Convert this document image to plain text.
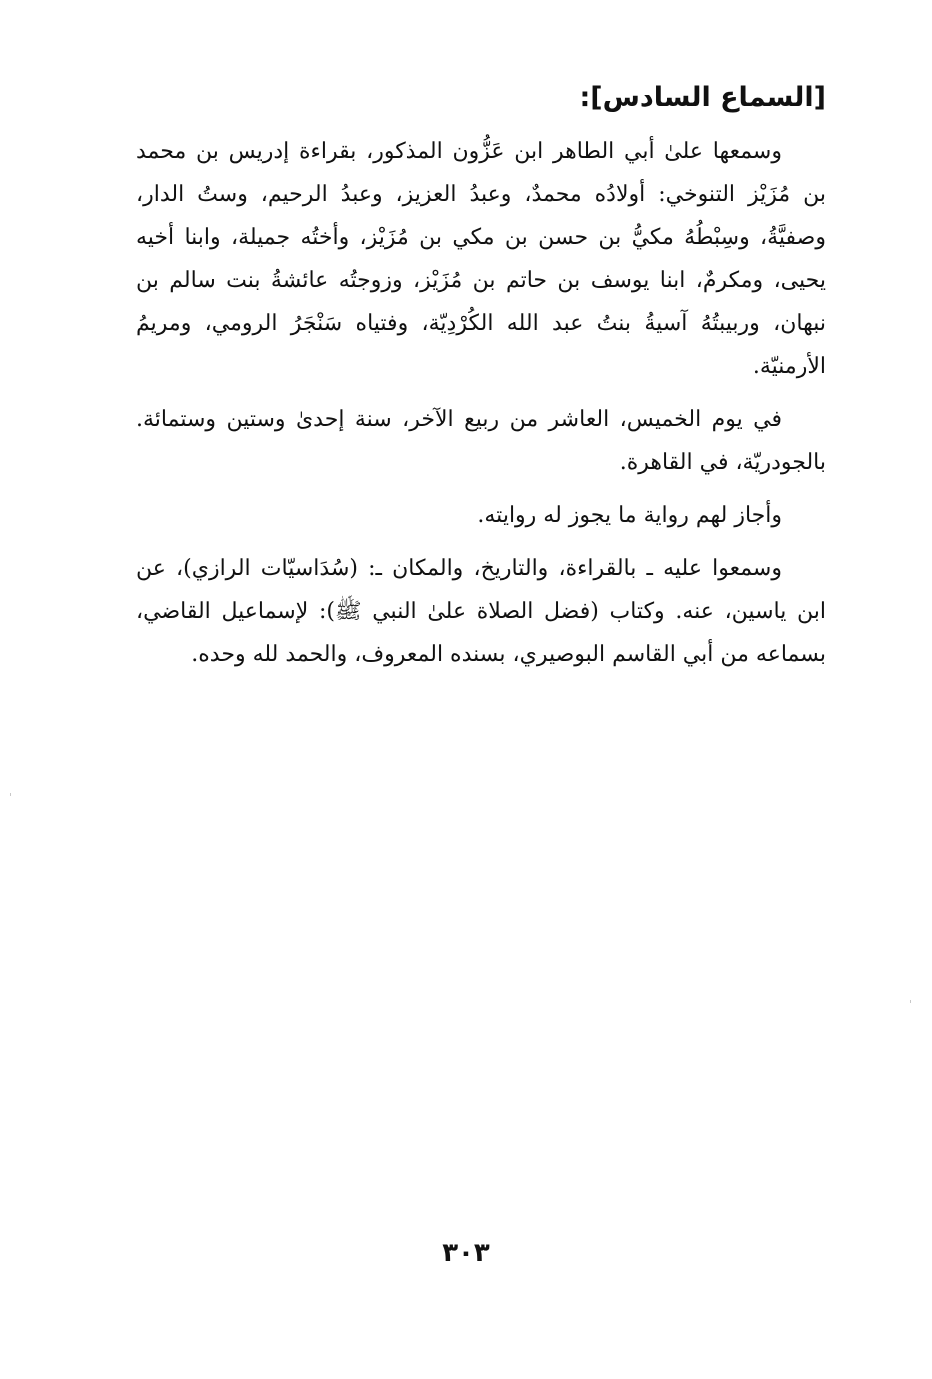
[السماع السادس]:

وسمعها علىٰ أبي الطاهر ابن عَزُّون المذكور، بقراءة إدريس بن محمد بن مُزَيْز التنوخي: أولادُه محمدٌ، وعبدُ العزيز، وعبدُ الرحيم، وستُ الدار، وصفيَّةُ، وسِبْطُهُ مكيُّ بن حسن بن مكي بن مُزَيْز، وأختُه جميلة، وابنا أخيه يحيى، ومكرمٌ، ابنا يوسف بن حاتم بن مُزَيْز، وزوجتُه عائشةُ بنت سالم بن نبهان، وربيبتُهُ آسيةُ بنتُ عبد الله الكُرْدِيّة، وفتياه سَنْجَرُ الرومي، ومريمُ الأرمنيّة.

في يوم الخميس، العاشر من ربيع الآخر، سنة إحدىٰ وستين وستمائة. بالجودريّة، في القاهرة.

وأجاز لهم رواية ما يجوز له روايته.

وسمعوا عليه ـ بالقراءة، والتاريخ، والمكان ـ: (سُدَاسيّات الرازي)، عن ابن ياسين، عنه. وكتاب (فضل الصلاة علىٰ النبي ﷺ): لإسماعيل القاضي، بسماعه من أبي القاسم البوصيري، بسنده المعروف، والحمد لله وحده.

٣٠٣
